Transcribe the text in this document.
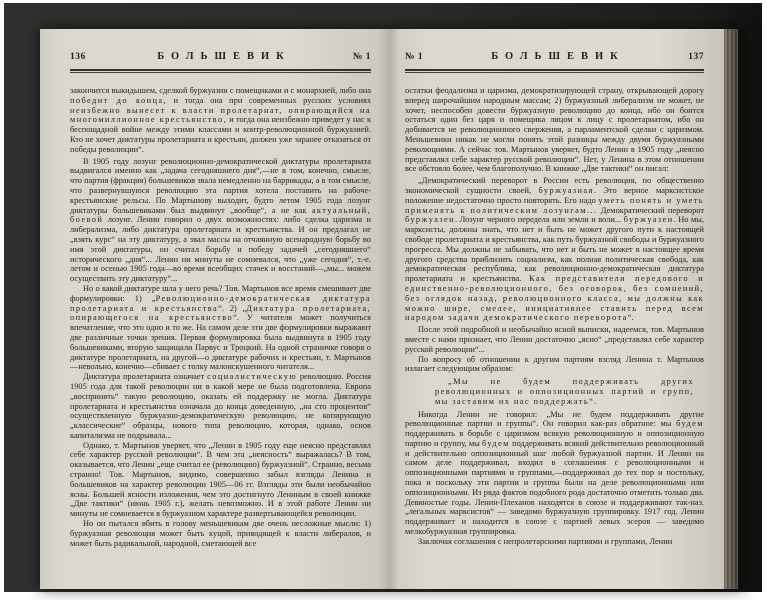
136	БОЛЬШЕВИК	№ 1

закончится выкидышем, сделкой буржуазии с помещиками и с монархией, либо она победит до конца, и тогда она при современных русских условиях неизбежно вынесет к власти пролетариат, опирающийся на многомиллионное крестьянство, и тогда она неизбежно приведет у нас к беспощадной войне между этими классами и контр-революционной буржуазией. Кто не хочет диктатуры пролетариата и крестьян, должен уже заранее отказаться от победы революции“.

В 1905 году лозунг революционно-демократической диктатуры пролетариата выдвигался именно как „задача сегодняшнего дня“,—не в том, конечно, смысле, что партия (фракция) большевиков звала немедленно на баррикады, а в том смысле, что развернувшуюся революцию эта партия хотела поставить на рабоче-крестьянские рельсы. По Мартынову выходит, будто летом 1905 года лозунг диктатуры большевиками был выдвинут „вообще“, а не как актуальный, боевой лозунг. Ленин говорил о двух возможностях: либо сделка царизма и либерализма, либо диктатура пролетариата и крестьянства. И он предлагал не „взять курс“ на эту диктатуру, а звал массы на отчаянную всенародную борьбу во имя этой диктатуры, он считал борьбу и победу задачей „сегодняшнего“ исторического „дня“... Ленин ни минуты не сомневался, что „уже сегодня“, т.-е. летом и осенью 1905 года—во время всеобщих стачек и восстаний—„мы... можем осуществить эту диктатуру“...

Но о какой диктатуре шла у него речь? Тов. Мартынов все время смешивает две формулировки: 1) „Революционно-демократическая диктатура пролетариата и крестьянства“. 2) „Диктатура пролетариата, опирающегося на крестьянство“. У читателя может получиться впечатление, что это одно и то же. На самом деле эти две формулировки выражают две различные точки зрения. Первая формулировка была выдвинута в 1905 году большевиками, вторую защищали Парвус и Троцкий. На одной страничке говоря о диктатуре пролетариата, на другой—о диктатуре рабочих и крестьян, т. Мартынов—невольно, конечно—сбивает с толку малоискушенного читателя...

Диктатура пролетариата означает социалистическую революцию. Россия 1905 года для такой революции ни в какой мере не была подготовлена. Европа „воспринять“ такую революцию, оказать ей поддержку не могла. Диктатура пролетариата и крестьянства означала до конца доведенную, „на сто процентов“ осуществленную буржуазно-демократическую революцию, не копирующую „классические“ образцы, нового типа революцию, которая, однако, основ капитализма не подрывала...

Однако, т. Мартынов уверяет, что „Ленин в 1905 году еще неясно представлял себе характер русской революции“. В чем эта „неясность“ выражалась? В том, оказывается, что Ленин „еще считал ее (революцию) буржуазной“. Странно, весьма странно! Тов. Мартынов, видимо, совершенно забыл взгляды Ленина и большевиков на характер революции 1905—06 гг. Взгляды эти были необычайно ясны. Большей ясности изложения, чем это достигнуто Лениным в своей книжке „Две тактики“ (июнь 1905 г.), желать невозможно. И в этой работе Ленин ни минуты не сомневается в буржуазном характере развертывающейся революции.

Но он пытался вбить в голову меньшевикам две очень несложные мысли: 1) буржуазная революция может быть куцой, приводящей к власти либералов, и может быть радикальной, народной, сметающей все

№ 1	БОЛЬШЕВИК	137

остатки феодализма и царизма, демократизирующей страну, открывающей дорогу вперед широчайшим народным массам; 2) буржуазный либерализм не может, не хочет, неспособен довести буржуазную революцию до конца, ибо он боится остаться один без царя и помещика лицом к лицу с пролетариатом, ибо он добивается не революционного свержения, а парламентской сделки с царизмом. Меньшевики никак не могли понять этой разницы между двумя буржуазными революциями. А сейчас тов. Мартынов уверяет, будто Ленин в 1905 году „неясно представлял себе характер русской революции“. Нет, у Ленина в этом отношении все обстояло более, чем благополучно. В книжке „Две тактики“ он писал:

„Демократический переворот в России есть революция, по общественно экономической сущности своей, буржуазная. Это верное марксистское положение недостаточно просто повторять. Его надо уметь понять и уметь применять к политическим лозунгам... Демократический переворот буржуазен. Лозунг черного передела или земли и воли... буржуазен. Но мы, марксисты, должны знать, что нет и быть не может другого пути к настоящей свободе пролетариата и крестьянства, как путь буржуазной свободы и буржуазного прогресса. Мы должны не забывать, что нет и быть не может в настоящее время другого средства приблизить социализм, как полная политическая свобода, как демократическая республика, как революционно-демократическая диктатура пролетариата и крестьянства. Как представители передового и единственно-революционного, без оговорок, без сомнений, без оглядок назад, революционного класса, мы должны как можно шире, смелее, инициативнее ставить перед всем народом задачи демократического переворота“.

После этой подробной и необычайно ясной выписки, надеемся, тов. Мартынов вместе с нами признает, что Ленин достаточно „ясно“ „представлял себе характер русской революции“...

По вопросу об отношении к другим партиям взгляд Ленина т. Мартынов излагает следующим образом:

„Мы не будем поддерживать других революционных и оппозиционных партий и групп, мы заставим их нас поддержать“.

Никогда Ленин не говорил: „Мы не будем поддерживать другие революционные партии и группы“. Он говорил как-раз обратное: мы будем поддерживать в борьбе с царизмом всякую революционную и оппозиционную партию и группу, мы будем поддерживать всякий действительно революционный и действительно оппозиционный шаг любой буржуазной партии. И Ленин на самом деле поддерживал, входил в соглашения с революционными и оппозиционными партиями и группами,—поддерживал до тех пор и постольку, пока и поскольку эти партии и группы были на деле революционными или оппозиционными. Из ряда фактов подобного рода достаточно отметить только два. Девяностые годы. Ленин-Плеханов находятся в союзе и поддерживают так-наз. „легальных марксистов“ — заведомо буржуазную группировку. 1917 год. Ленин поддерживает и находится в союзе с партией левых эсеров — заведомо мелкобуржуазная группировка.

Заключая соглашения с непролетарскими партиями и группами, Ленин
